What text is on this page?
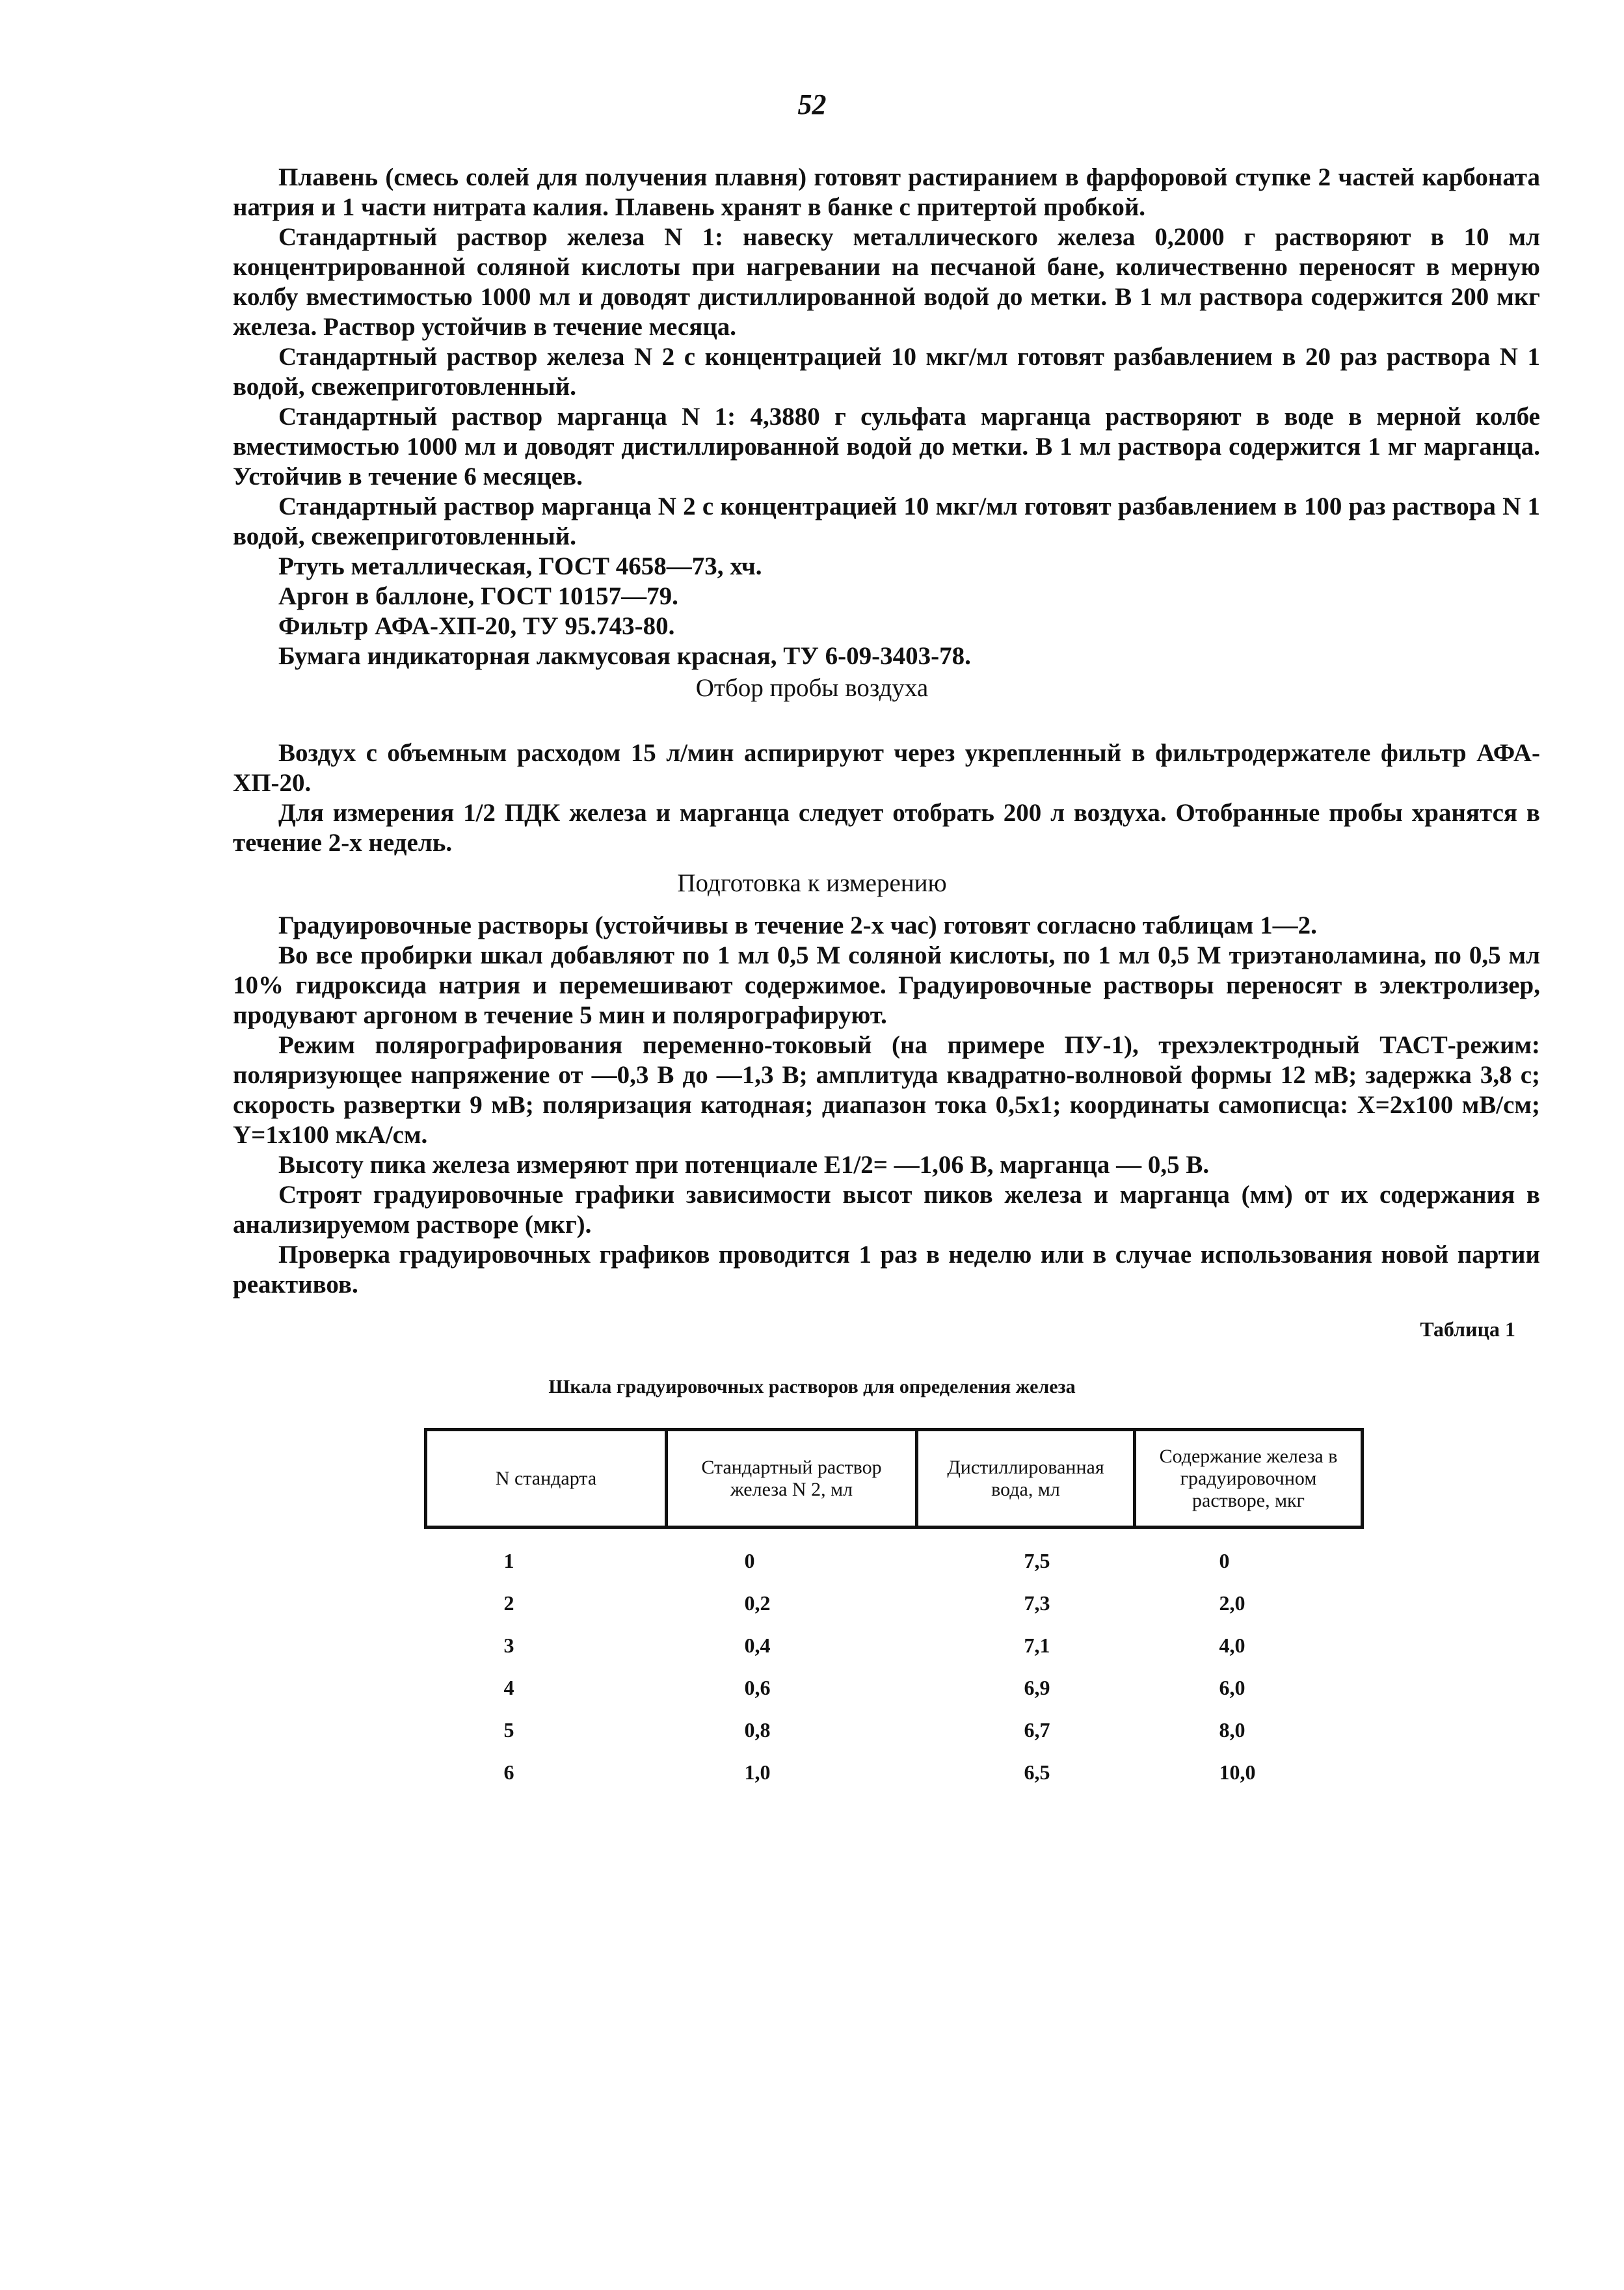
52

Плавень (смесь солей для получения плавня) готовят растиранием в фарфоровой ступке 2 частей карбоната натрия и 1 части нитрата калия. Плавень хранят в банке с притертой пробкой.

Стандартный раствор железа N 1: навеску металлического железа 0,2000 г растворяют в 10 мл концентрированной соляной кислоты при нагревании на песчаной бане, количественно переносят в мерную колбу вместимостью 1000 мл и доводят дистиллированной водой до метки. В 1 мл раствора содержится 200 мкг железа. Раствор устойчив в течение месяца.

Стандартный раствор железа N 2 с концентрацией 10 мкг/мл готовят разбавлением в 20 раз раствора N 1 водой, свежеприготовленный.

Стандартный раствор марганца N 1: 4,3880 г сульфата марганца растворяют в воде в мерной колбе вместимостью 1000 мл и доводят дистиллированной водой до метки. В 1 мл раствора содержится 1 мг марганца. Устойчив в течение 6 месяцев.

Стандартный раствор марганца N 2 с концентрацией 10 мкг/мл готовят разбавлением в 100 раз раствора N 1 водой, свежеприготовленный.

Ртуть металлическая, ГОСТ 4658—73, хч.

Аргон в баллоне, ГОСТ 10157—79.

Фильтр АФА-ХП-20, ТУ 95.743-80.

Бумага индикаторная лакмусовая красная, ТУ 6-09-3403-78.

Отбор пробы воздуха

Воздух с объемным расходом 15 л/мин аспирируют через укрепленный в фильтродержателе фильтр АФА-ХП-20.

Для измерения 1/2 ПДК железа и марганца следует отобрать 200 л воздуха. Отобранные пробы хранятся в течение 2-х недель.

Подготовка к измерению

Градуировочные растворы (устойчивы в течение 2-х час) готовят согласно таблицам 1—2.

Во все пробирки шкал добавляют по 1 мл 0,5 М соляной кислоты, по 1 мл 0,5 М триэтаноламина, по 0,5 мл 10% гидроксида натрия и перемешивают содержимое. Градуировочные растворы переносят в электролизер, продувают аргоном в течение 5 мин и полярографируют.

Режим полярографирования переменно-токовый (на примере ПУ-1), трехэлектродный ТАСТ-режим: поляризующее напряжение от —0,3 В до —1,3 В; амплитуда квадратно-волновой формы 12 мВ; задержка 3,8 с; скорость развертки 9 мВ; поляризация катодная; диапазон тока 0,5x1; координаты самописца: Х=2х100 мВ/см; Y=1х100 мкА/см.

Высоту пика железа измеряют при потенциале E1/2= —1,06 В, марганца — 0,5 В.

Строят градуировочные графики зависимости высот пиков железа и марганца (мм) от их содержания в анализируемом растворе (мкг).

Проверка градуировочных графиков проводится 1 раз в неделю или в случае использования новой партии реактивов.

Таблица 1
Шкала градуировочных растворов для определения железа
N стандарта	Стандартный раствор железа N 2, мл	Дистиллированная вода, мл	Содержание железа в градуировочном растворе, мкг
1	0	7,5	0
2	0,2	7,3	2,0
3	0,4	7,1	4,0
4	0,6	6,9	6,0
5	0,8	6,7	8,0
6	1,0	6,5	10,0
